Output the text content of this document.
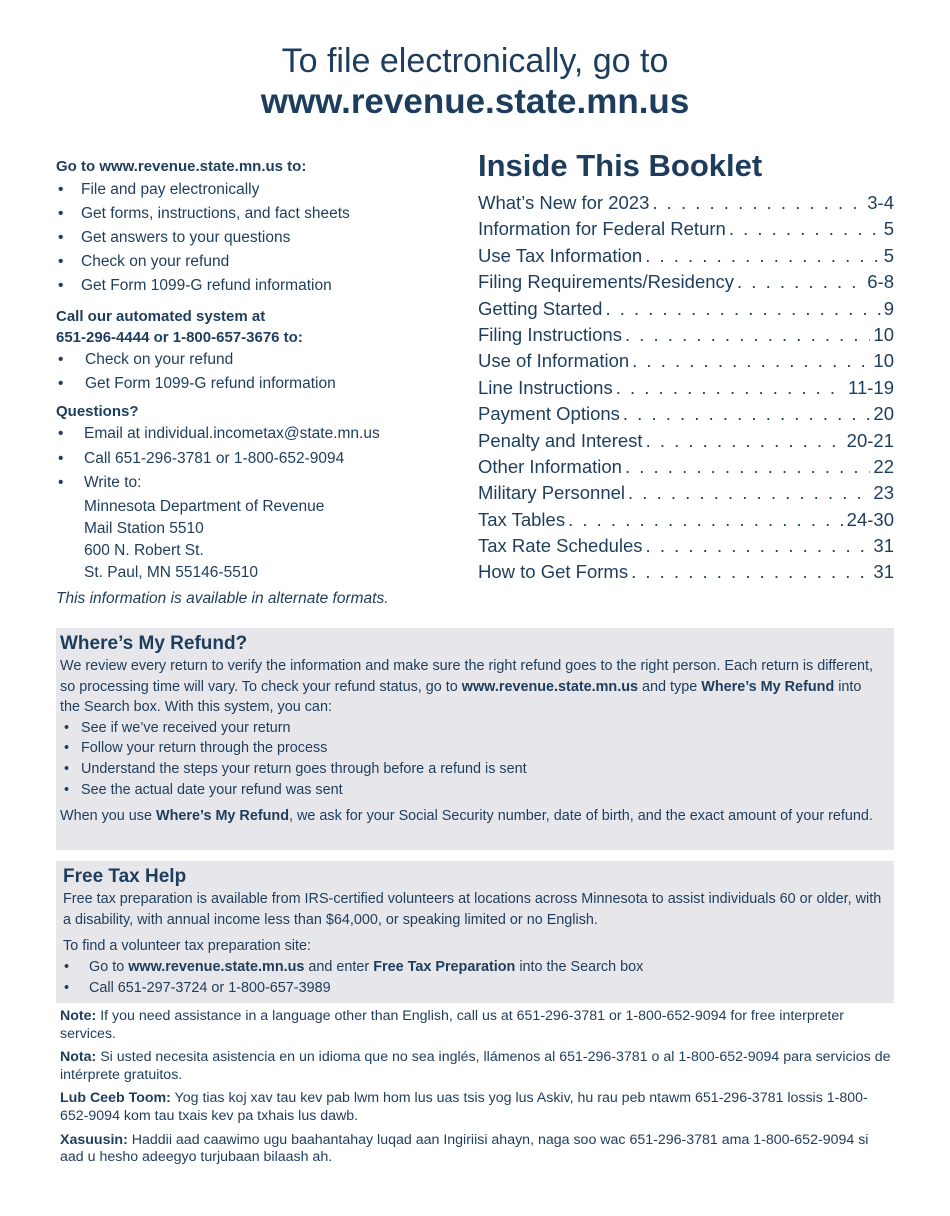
To file electronically, go to
www.revenue.state.mn.us
Go to www.revenue.state.mn.us to:
• File and pay electronically
• Get forms, instructions, and fact sheets
• Get answers to your questions
• Check on your refund
• Get Form 1099-G refund information
Call our automated system at
651-296-4444 or 1-800-657-3676 to:
• Check on your refund
• Get Form 1099-G refund information
Questions?
• Email at individual.incometax@state.mn.us
• Call 651-296-3781 or 1-800-652-9094
• Write to:
Minnesota Department of Revenue
Mail Station 5510
600 N. Robert St.
St. Paul, MN 55146-5510
This information is available in alternate formats.
Inside This Booklet
What’s New for 2023 . . .	3-4
Information for Federal Return . . .	5
Use Tax Information . . .	5
Filing Requirements/Residency . . .	6-8
Getting Started . . .	9
Filing Instructions . . .	10
Use of Information . . .	10
Line Instructions . . .	11-19
Payment Options . . .	20
Penalty and Interest . . .	20-21
Other Information . . .	22
Military Personnel . . .	23
Tax Tables . . .	24-30
Tax Rate Schedules . . .	31
How to Get Forms . . .	31
Where’s My Refund?

We review every return to verify the information and make sure the right refund goes to the right person. Each return is different, so processing time will vary. To check your refund status, go to www.revenue.state.mn.us and type Where’s My Refund into the Search box. With this system, you can:

• See if we’ve received your return
• Follow your return through the process
• Understand the steps your return goes through before a refund is sent
• See the actual date your refund was sent

When you use Where’s My Refund, we ask for your Social Security number, date of birth, and the exact amount of your refund.

Free Tax Help

Free tax preparation is available from IRS-certified volunteers at locations across Minnesota to assist individuals 60 or older, with a disability, with annual income less than $64,000, or speaking limited or no English.

To find a volunteer tax preparation site:

• Go to www.revenue.state.mn.us and enter Free Tax Preparation into the Search box
• Call 651-297-3724 or 1-800-657-3989

Note: If you need assistance in a language other than English, call us at 651-296-3781 or 1-800-652-9094 for free interpreter services.

Nota: Si usted necesita asistencia en un idioma que no sea inglés, llámenos al 651-296-3781 o al 1-800-652-9094 para servicios de intérprete gratuitos.

Lub Ceeb Toom: Yog tias koj xav tau kev pab lwm hom lus uas tsis yog lus Askiv, hu rau peb ntawm 651-296-3781 lossis 1-800-652-9094 kom tau txais kev pa txhais lus dawb.

Xasuusin: Haddii aad caawimo ugu baahantahay luqad aan Ingiriisi ahayn, naga soo wac 651-296-3781 ama 1-800-652-9094 si aad u hesho adeegyo turjubaan bilaash ah.
